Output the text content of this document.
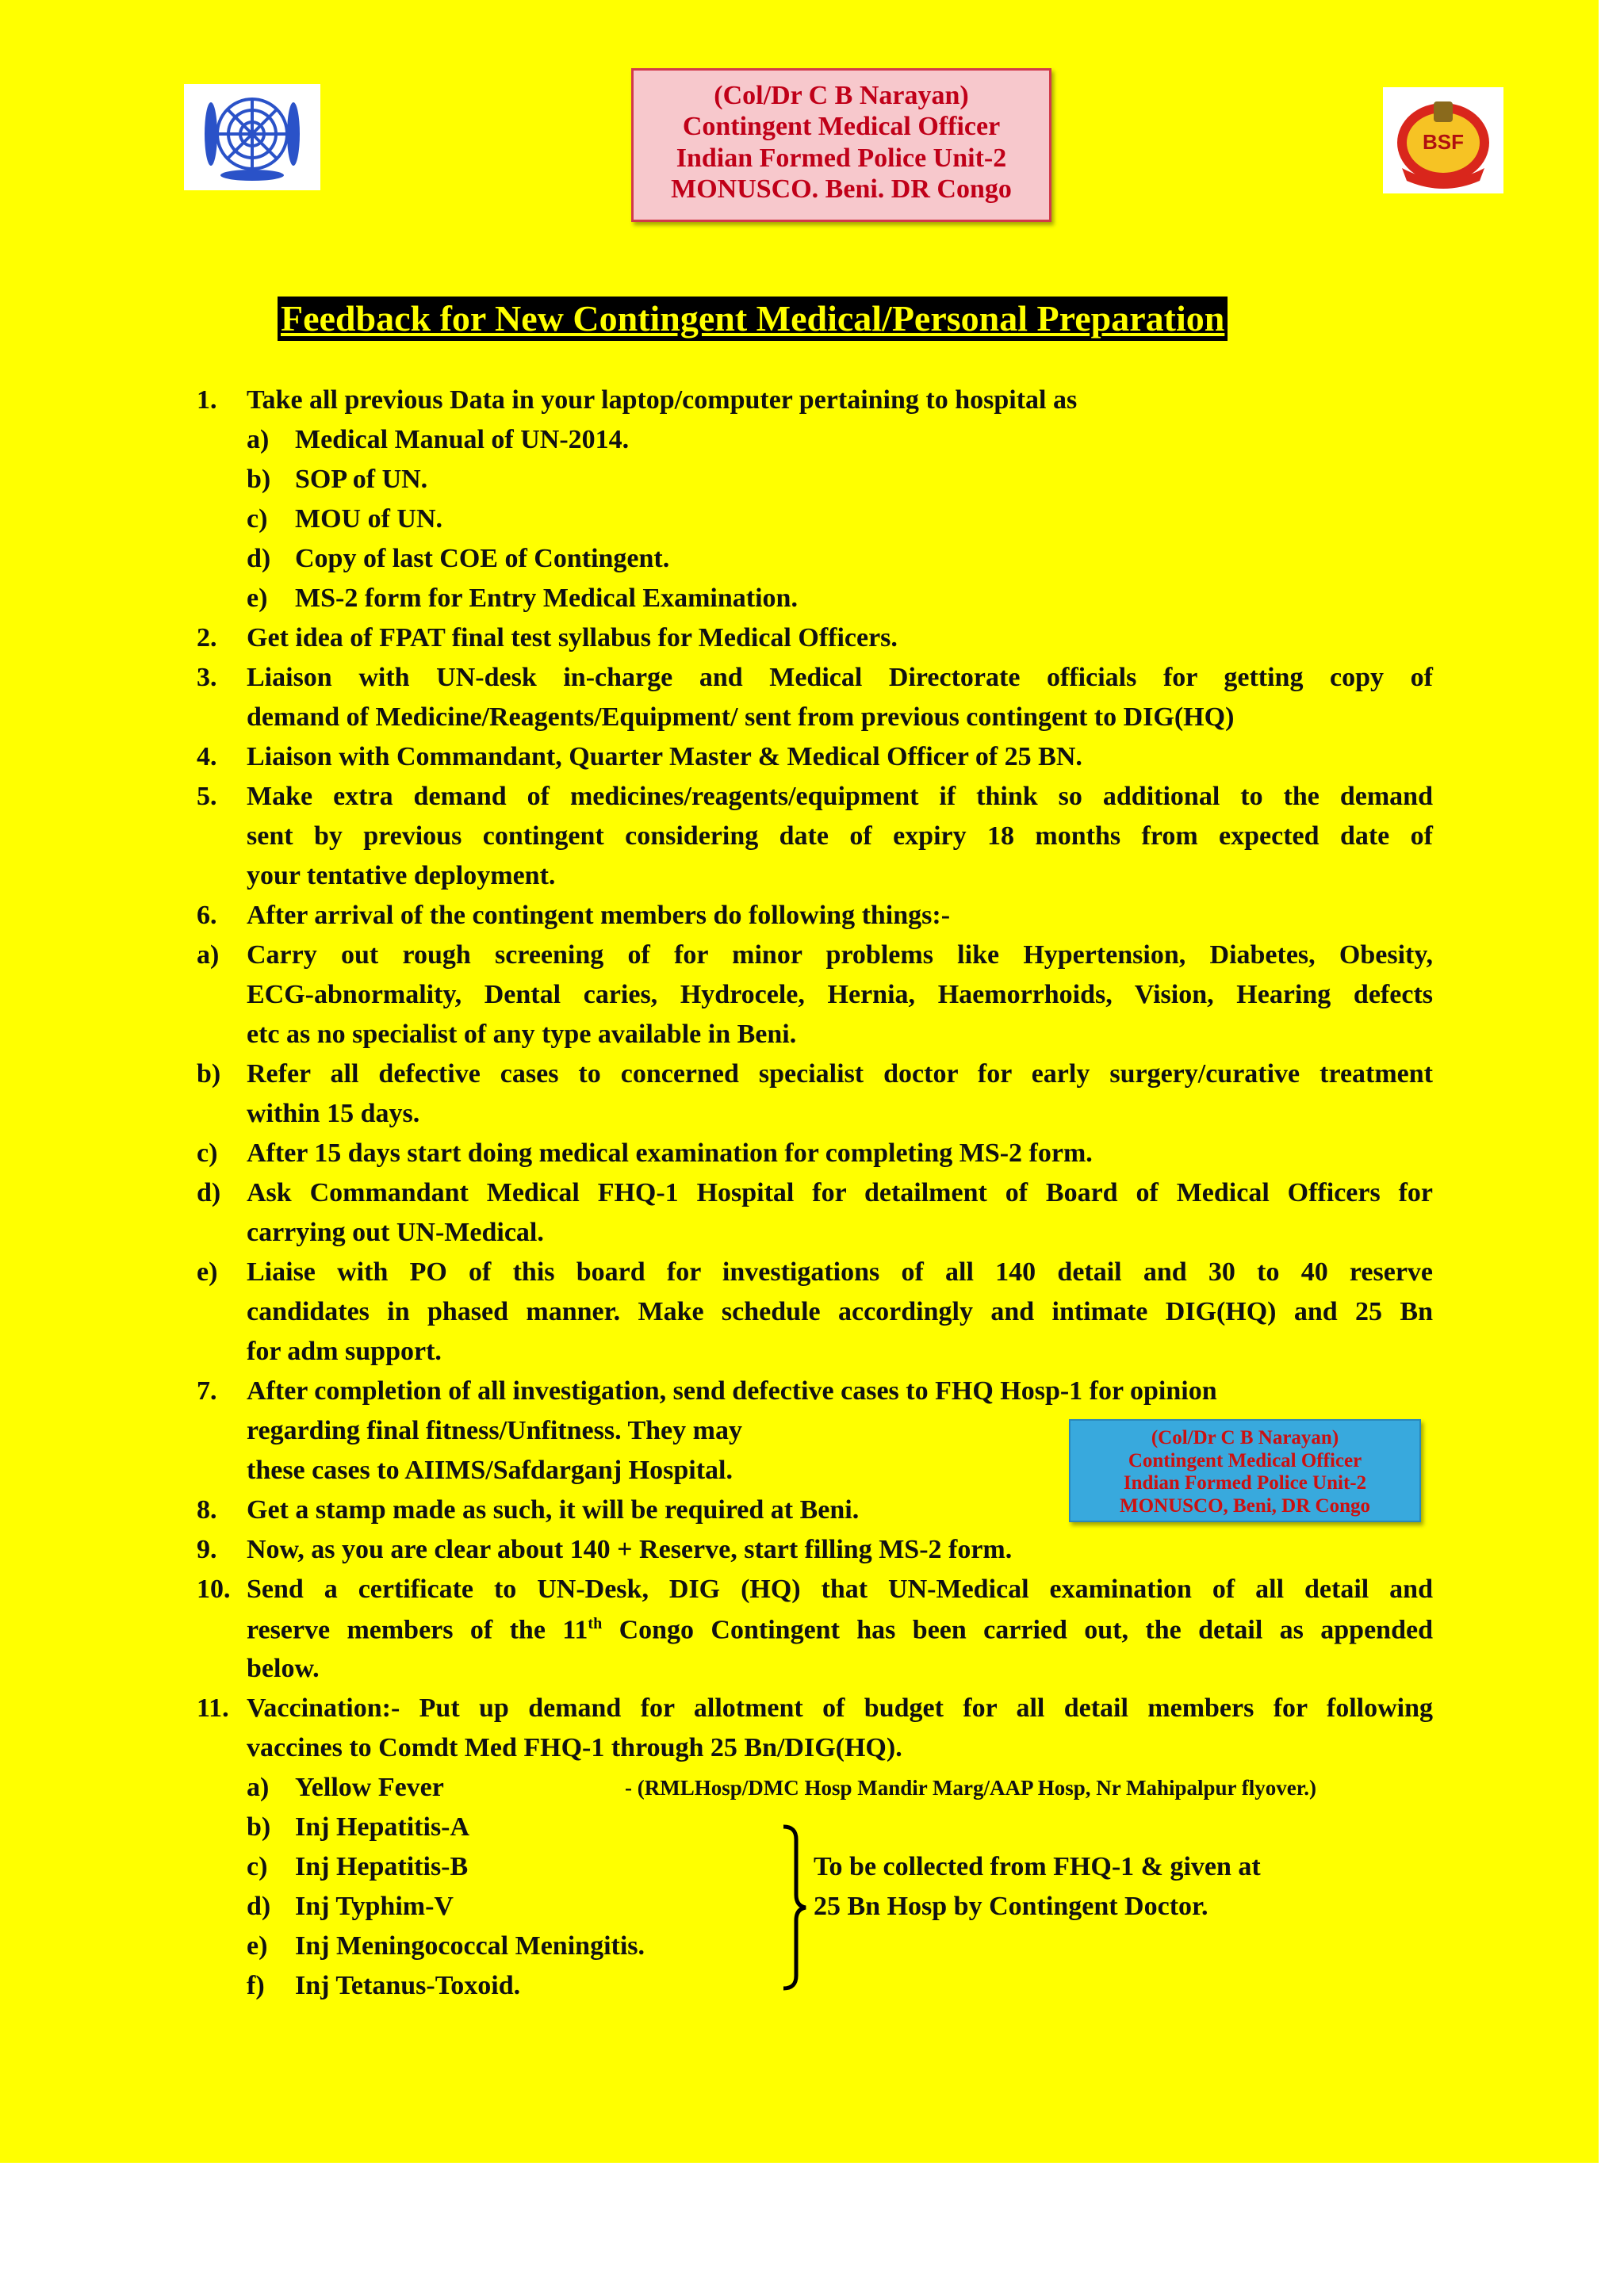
(Col/Dr C B Narayan)
Contingent Medical Officer
Indian Formed Police Unit-2
MONUSCO. Beni. DR Congo
BSF
Feedback for New Contingent Medical/Personal Preparation
1. Take all previous Data in your laptop/computer pertaining to hospital as
a) Medical Manual of UN-2014.
b) SOP of UN.
c) MOU of UN.
d) Copy of last COE of Contingent.
e) MS-2 form for Entry Medical Examination.
2. Get idea of FPAT final test syllabus for Medical Officers.
3. Liaison with UN-desk in-charge and Medical Directorate officials for getting copy of
demand of Medicine/Reagents/Equipment/ sent from previous contingent to DIG(HQ)
4. Liaison with Commandant, Quarter Master & Medical Officer of 25 BN.
5. Make extra demand of medicines/reagents/equipment if think so additional to the demand
sent by previous contingent considering date of expiry 18 months from expected date of
your tentative deployment.
6. After arrival of the contingent members do following things:-
a) Carry out rough screening of for minor problems like Hypertension, Diabetes, Obesity,
ECG-abnormality, Dental caries, Hydrocele, Hernia, Haemorrhoids, Vision, Hearing defects
etc as no specialist of any type available in Beni.
b) Refer all defective cases to concerned specialist doctor for early surgery/curative treatment
within 15 days.
c) After 15 days start doing medical examination for completing MS-2 form.
d) Ask Commandant Medical FHQ-1 Hospital for detailment of Board of Medical Officers for
carrying out UN-Medical.
e) Liaise with PO of this board for investigations of all 140 detail and 30 to 40 reserve
candidates in phased manner. Make schedule accordingly and intimate DIG(HQ) and 25 Bn
for adm support.
7. After completion of all investigation, send defective cases to FHQ Hosp-1 for opinion
regarding final fitness/Unfitness. They may
these cases to AIIMS/Safdarganj Hospital.
(Col/Dr C B Narayan)
Contingent Medical Officer
Indian Formed Police Unit-2
MONUSCO, Beni, DR Congo
8. Get a stamp made as such, it will be required at Beni.
9. Now, as you are clear about 140 + Reserve, start filling MS-2 form.
10. Send a certificate to UN-Desk, DIG (HQ) that UN-Medical examination of all detail and
reserve members of the 11th Congo Contingent has been carried out, the detail as appended
below.
11. Vaccination:- Put up demand for allotment of budget for all detail members for following
vaccines to Comdt Med FHQ-1 through 25 Bn/DIG(HQ).
a) Yellow Fever	- (RMLHosp/DMC Hosp Mandir Marg/AAP Hosp, Nr Mahipalpur flyover.)
b) Inj Hepatitis-A
c) Inj Hepatitis-B
d) Inj Typhim-V
e) Inj Meningococcal Meningitis.
f) Inj Tetanus-Toxoid.
To be collected from FHQ-1 & given at
25 Bn Hosp by Contingent Doctor.
